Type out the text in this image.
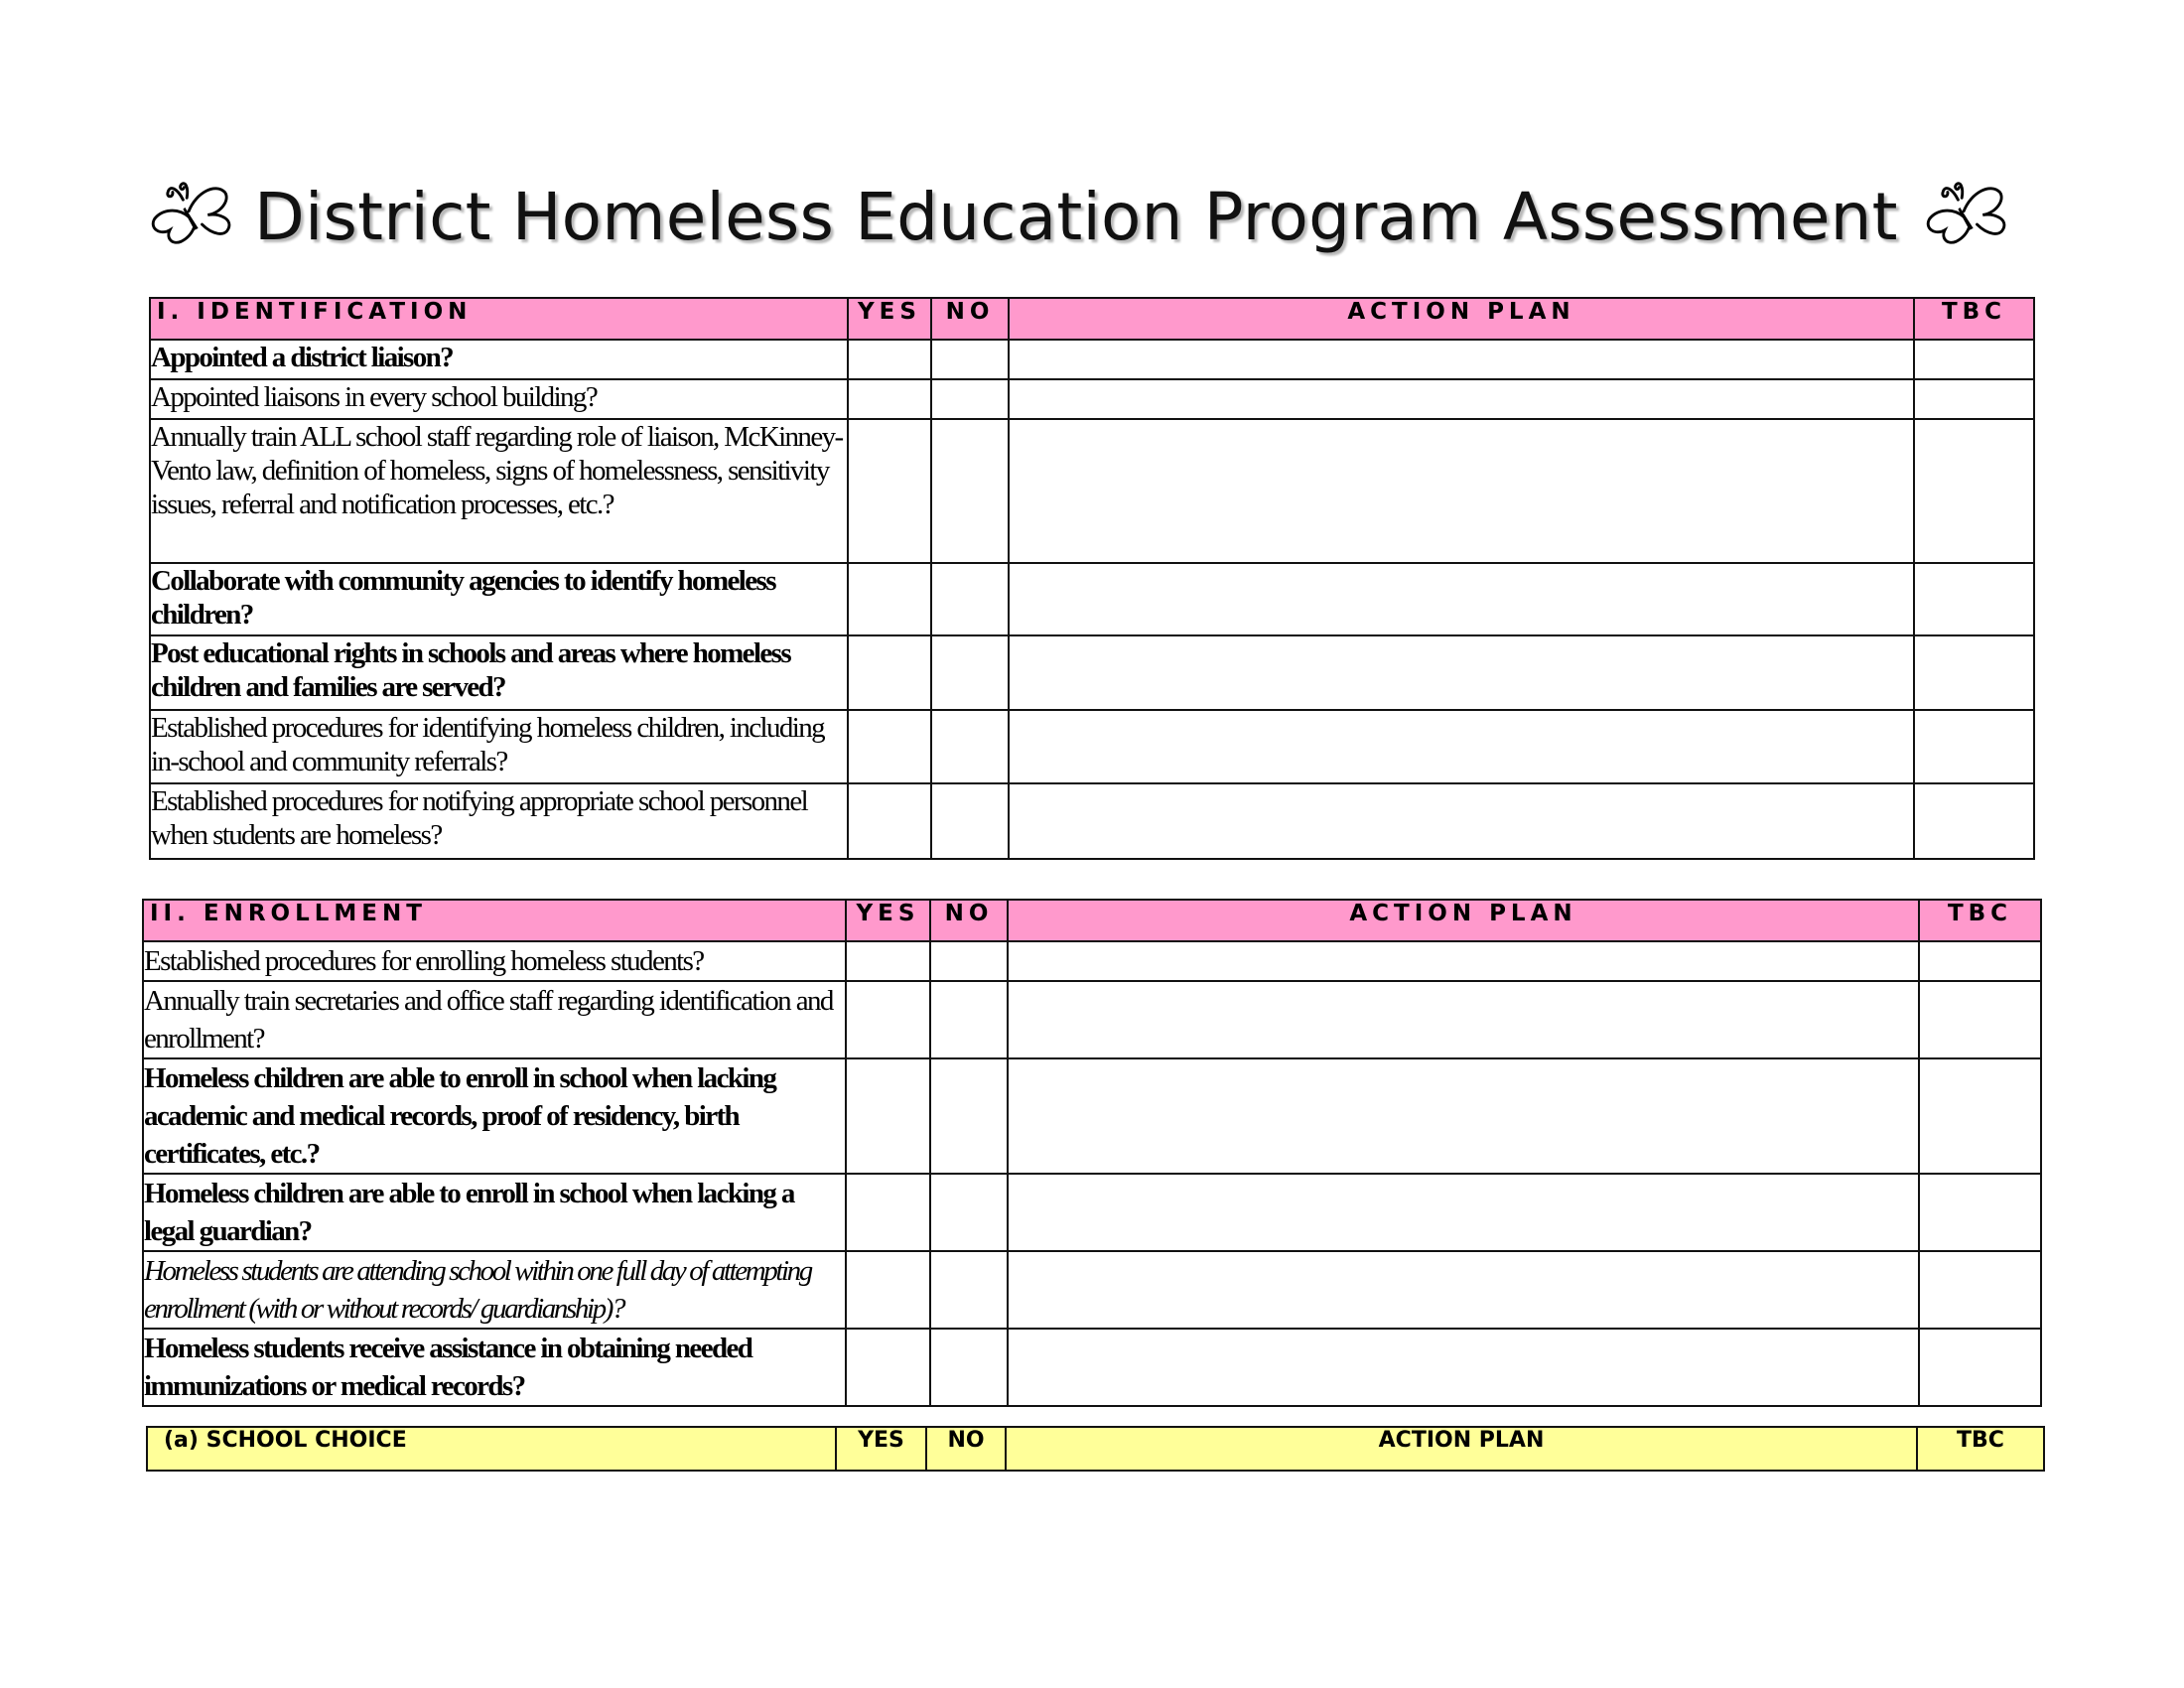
District Homeless Education Program Assessment
I. IDENTIFICATION	YES	NO	ACTION PLAN	TBC
Appointed a district liaison?				
Appointed liaisons in every school building?				
Annually train ALL school staff regarding role of liaison, McKinney-Vento law, definition of homeless, signs of homelessness, sensitivity issues, referral and notification processes, etc.?				
Collaborate with community agencies to identify homeless children?				
Post educational rights in schools and areas where homeless children and families are served?				
Established procedures for identifying homeless children, including in-school and community referrals?				
Established procedures for notifying appropriate school personnel when students are homeless?				
II. ENROLLMENT	YES	NO	ACTION PLAN	TBC
Established procedures for enrolling homeless students?				
Annually train secretaries and office staff regarding identification and enrollment?				
Homeless children are able to enroll in school when lacking academic and medical records, proof of residency, birth certificates, etc.?				
Homeless children are able to enroll in school when lacking a legal guardian?				
Homeless students are attending school within one full day of attempting enrollment (with or without records/ guardianship)?				
Homeless students receive assistance in obtaining needed immunizations or medical records?				
(a) SCHOOL CHOICE	YES	NO	ACTION PLAN	TBC
